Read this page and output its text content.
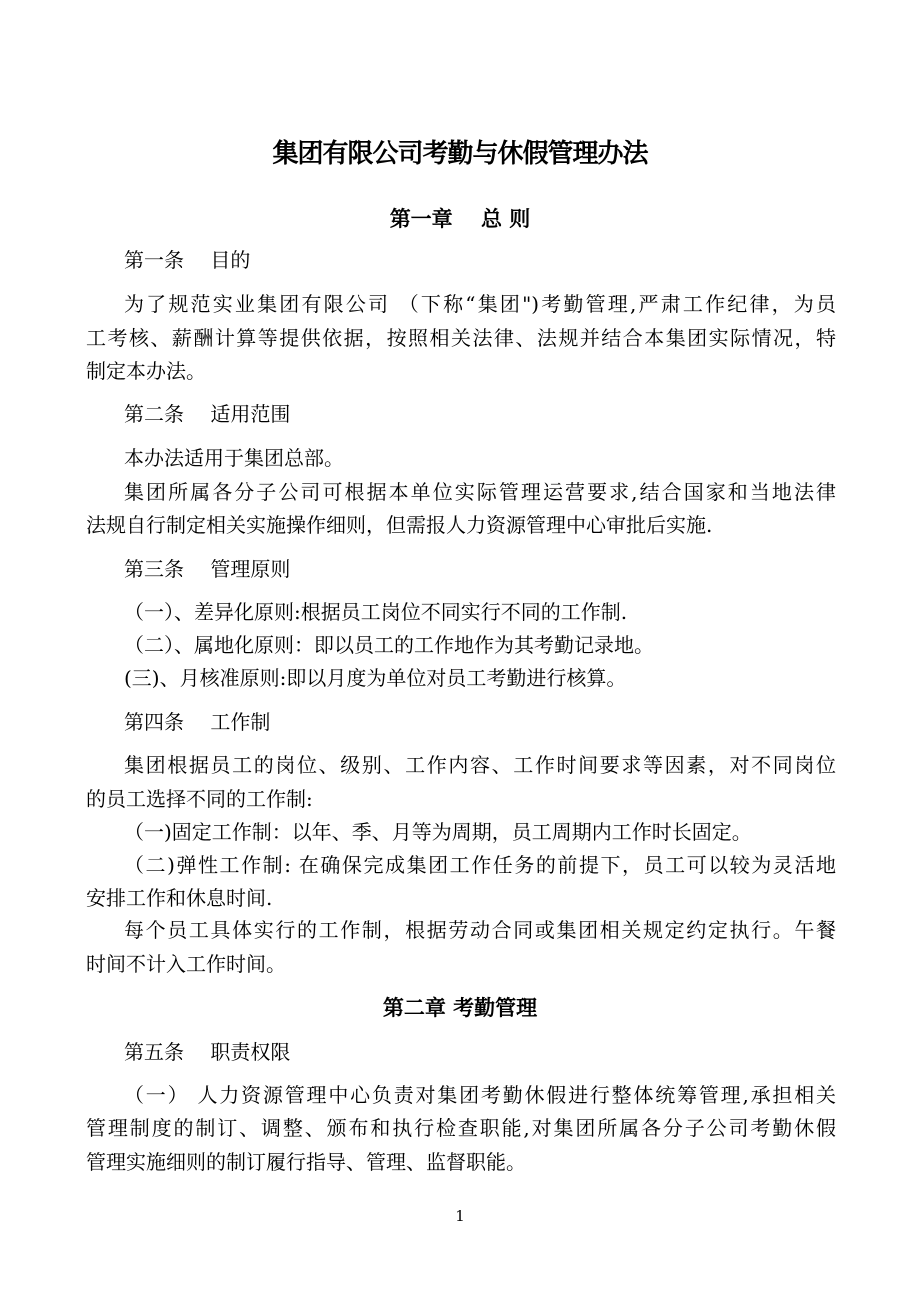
集团有限公司考勤与休假管理办法
第一章　 总 则
第一条　 目的
为了规范实业集团有限公司 （下称“集团")考勤管理,严肃工作纪律，为员
工考核、薪酬计算等提供依据，按照相关法律、法规并结合本集团实际情况，特
制定本办法。
第二条　 适用范围
本办法适用于集团总部。
集团所属各分子公司可根据本单位实际管理运营要求,结合国家和当地法律
法规自行制定相关实施操作细则，但需报人力资源管理中心审批后实施.
第三条　 管理原则
（一）、差异化原则:根据员工岗位不同实行不同的工作制.
（二）、属地化原则：即以员工的工作地作为其考勤记录地。
(三)、月核准原则:即以月度为单位对员工考勤进行核算。
第四条　 工作制
集团根据员工的岗位、级别、工作内容、工作时间要求等因素，对不同岗位
的员工选择不同的工作制:
（一)固定工作制：以年、季、月等为周期，员工周期内工作时长固定。
（二)弹性工作制: 在确保完成集团工作任务的前提下，员工可以较为灵活地
安排工作和休息时间.
每个员工具体实行的工作制，根据劳动合同或集团相关规定约定执行。午餐
时间不计入工作时间。
第二章 考勤管理
第五条　 职责权限
（一） 人力资源管理中心负责对集团考勤休假进行整体统筹管理,承担相关
管理制度的制订、调整、颁布和执行检查职能,对集团所属各分子公司考勤休假
管理实施细则的制订履行指导、管理、监督职能。
1
